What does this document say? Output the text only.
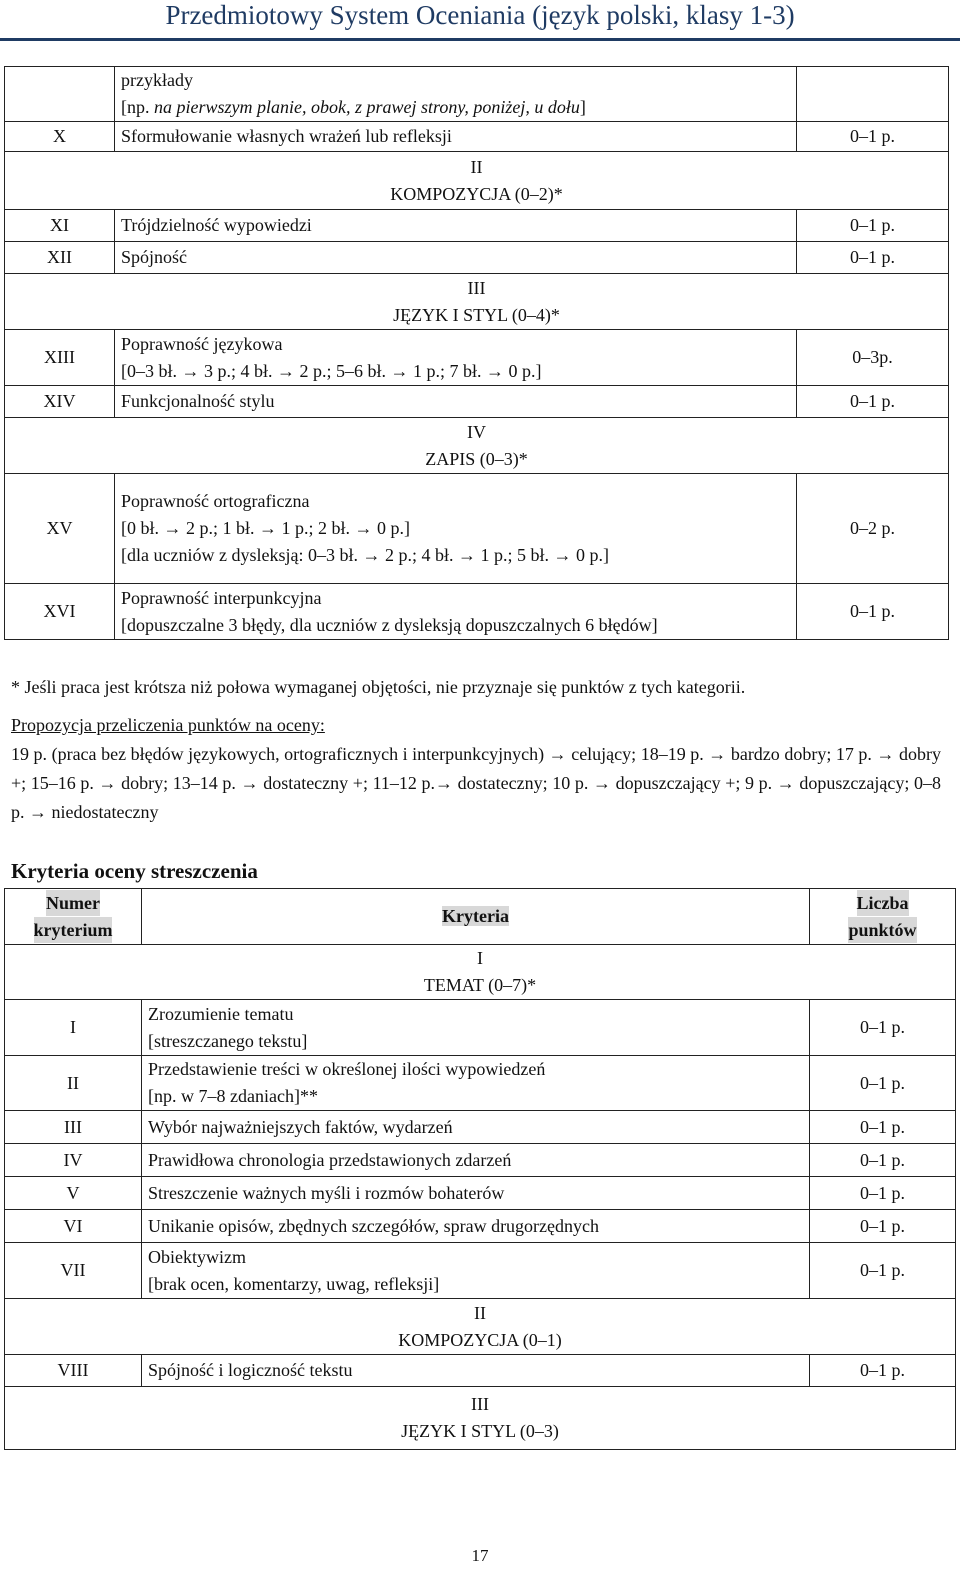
Przedmiotowy System Oceniania (język polski, klasy 1-3)

	przykłady
[np. na pierwszym planie, obok, z prawej strony, poniżej, u dołu]	

X	Sformułowanie własnych wrażeń lub refleksji	0–1 p.

II
KOMPOZYCJA (0–2)*		

XI	Trójdzielność wypowiedzi	0–1 p.
XII	Spójność	0–1 p.

III
JĘZYK I STYL (0–4)*		

XIII	Poprawność językowa
[0–3 bł. → 3 p.; 4 bł. → 2 p.; 5–6 bł. → 1 p.; 7 bł. → 0 p.]	0–3p.
XIV	Funkcjonalność stylu	0–1 p.

IV
ZAPIS (0–3)*		

XV	Poprawność ortograficzna
[0 bł. → 2 p.; 1 bł. → 1 p.; 2 bł. → 0 p.]
[dla uczniów z dysleksją: 0–3 bł. → 2 p.; 4 bł. → 1 p.; 5 bł. → 0 p.]	0–2 p.
XVI	Poprawność interpunkcyjna
[dopuszczalne 3 błędy, dla uczniów z dysleksją dopuszczalnych 6 błędów]	0–1 p.
* Jeśli praca jest krótsza niż połowa wymaganej objętości, nie przyznaje się punktów z tych kategorii.
Propozycja przeliczenia punktów na oceny:
19 p. (praca bez błędów językowych, ortograficznych i interpunkcyjnych) → celujący; 18–19 p. → bardzo dobry; 17 p. → dobry +; 15–16 p. → dobry; 13–14 p. → dostateczny +; 11–12 p.→ dostateczny; 10 p. → dopuszczający +; 9 p. → dopuszczający; 0–8 p. → niedostateczny
Kryteria oceny streszczenia
Numer
kryterium	Kryteria	Liczba
punktów

I
TEMAT (0–7)*		

I	Zrozumienie tematu
[streszczanego tekstu]	0–1 p.
II	Przedstawienie treści w określonej ilości wypowiedzeń
[np. w 7–8 zdaniach]**	0–1 p.
III	Wybór najważniejszych faktów, wydarzeń	0–1 p.
IV	Prawidłowa chronologia przedstawionych zdarzeń	0–1 p.
V	Streszczenie ważnych myśli i rozmów bohaterów	0–1 p.
VI	Unikanie opisów, zbędnych szczegółów, spraw drugorzędnych	0–1 p.
VII	Obiektywizm
[brak ocen, komentarzy, uwag, refleksji]	0–1 p.

II
KOMPOZYCJA (0–1)		

VIII	Spójność i logiczność tekstu	0–1 p.

III
JĘZYK I STYL (0–3)		
17
